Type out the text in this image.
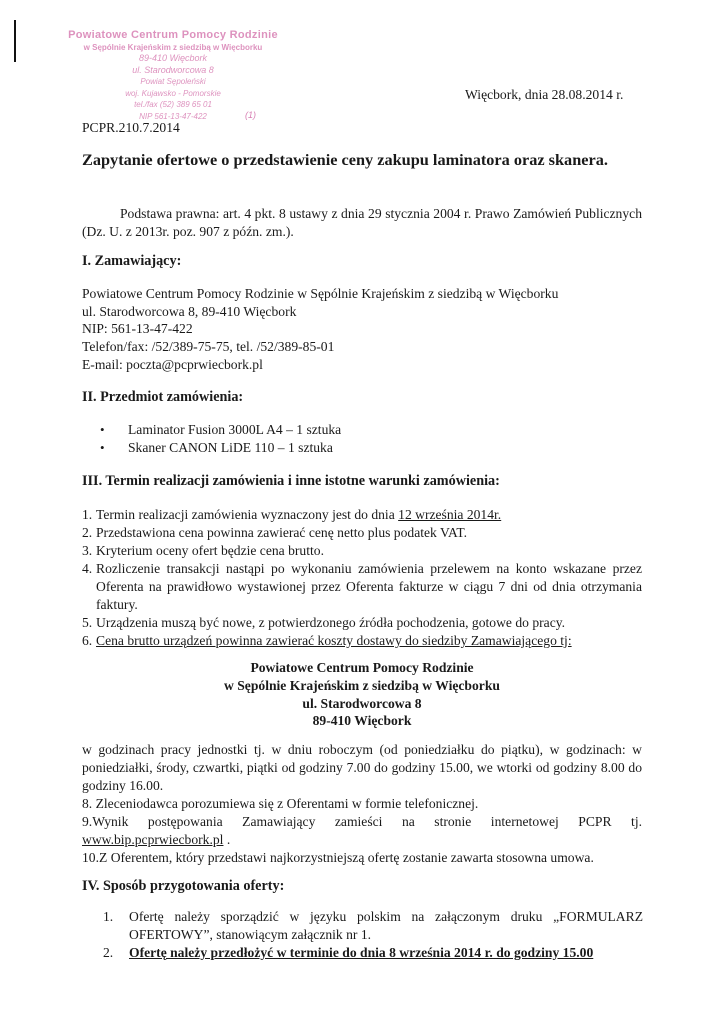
Powiatowe Centrum Pomocy Rodzinie
w Sępólnie Krajeńskim z siedzibą w Więcborku
89-410 Więcbork
ul. Starodworcowa 8
Powiat Sępoleński
woj. Kujawsko - Pomorskie
tel./fax (52) 389 65 01
NIP 561-13-47-422	(1)
Więcbork, dnia 28.08.2014 r.
PCPR.210.7.2014
Zapytanie ofertowe o przedstawienie ceny zakupu laminatora oraz skanera.
Podstawa prawna: art. 4 pkt. 8 ustawy z dnia 29 stycznia 2004 r. Prawo Zamówień Publicznych (Dz. U. z 2013r. poz. 907 z późn. zm.).
I. Zamawiający:
Powiatowe Centrum Pomocy Rodzinie w Sępólnie Krajeńskim z siedzibą w Więcborku
ul. Starodworcowa 8, 89-410 Więcbork
NIP: 561-13-47-422
Telefon/fax: /52/389-75-75, tel. /52/389-85-01
E-mail: poczta@pcprwiecbork.pl
II. Przedmiot zamówienia:
• Laminator Fusion 3000L A4 – 1 sztuka
• Skaner CANON LiDE 110 – 1 sztuka
III. Termin realizacji zamówienia i inne istotne warunki zamówienia:
1. Termin realizacji zamówienia wyznaczony jest do dnia 12 września 2014r.
2. Przedstawiona cena powinna zawierać cenę netto plus podatek VAT.
3. Kryterium oceny ofert będzie cena brutto.
4. Rozliczenie transakcji nastąpi po wykonaniu zamówienia przelewem na konto wskazane przez Oferenta na prawidłowo wystawionej przez Oferenta fakturze w ciągu 7 dni od dnia otrzymania faktury.
5. Urządzenia muszą być nowe, z potwierdzonego źródła pochodzenia, gotowe do pracy.
6. Cena brutto urządzeń powinna zawierać koszty dostawy do siedziby Zamawiającego tj:
Powiatowe Centrum Pomocy Rodzinie
w Sępólnie Krajeńskim z siedzibą w Więcborku
ul. Starodworcowa 8
89-410 Więcbork
w godzinach pracy jednostki tj. w dniu roboczym (od poniedziałku do piątku), w godzinach: w poniedziałki, środy, czwartki, piątki od godziny 7.00 do godziny 15.00, we wtorki od godziny 8.00 do godziny 16.00.
8. Zleceniodawca porozumiewa się z Oferentami w formie telefonicznej.
9.Wynik postępowania Zamawiający zamieści na stronie internetowej PCPR tj. www.bip.pcprwiecbork.pl .
10.Z Oferentem, który przedstawi najkorzystniejszą ofertę zostanie zawarta stosowna umowa.
IV. Sposób przygotowania oferty:
1. Ofertę należy sporządzić w języku polskim na załączonym druku „FORMULARZ OFERTOWY”, stanowiącym załącznik nr 1.
2. Ofertę należy przedłożyć w terminie do dnia 8 września 2014 r. do godziny 15.00
